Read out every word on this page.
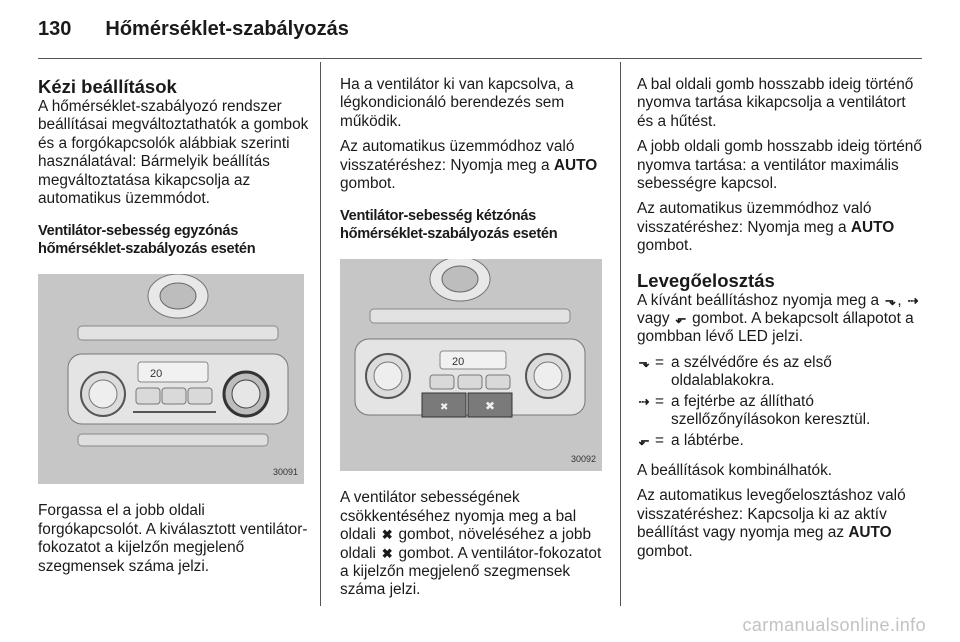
130 Hőmérséklet-szabályozás
Kézi beállítások

A hőmérséklet-szabályozó rendszer beállításai megváltoztathatók a gombok és a forgókapcsolók alábbiak szerinti használatával: Bármelyik beállítás megváltoztatása kikapcsolja az automatikus üzemmódot.

Ventilátor-sebesség egyzónás hőmérséklet-szabályozás esetén
20
30091

Forgassa el a jobb oldali forgókapcsolót. A kiválasztott ventilátor-fokozatot a kijelzőn megjelenő szegmensek száma jelzi.

Ha a ventilátor ki van kapcsolva, a légkondicionáló berendezés sem működik.

Az automatikus üzemmódhoz való visszatéréshez: Nyomja meg a AUTO gombot.

Ventilátor-sebesség kétzónás hőmérséklet-szabályozás esetén
20
✖	✖
30092

A ventilátor sebességének csökkentéséhez nyomja meg a bal oldali ✖ gombot, növeléséhez a jobb oldali ✖ gombot. A ventilátor-fokozatot a kijelzőn megjelenő szegmensek száma jelzi.

A bal oldali gomb hosszabb ideig történő nyomva tartása kikapcsolja a ventilátort és a hűtést.

A jobb oldali gomb hosszabb ideig történő nyomva tartása: a ventilátor maximális sebességre kapcsol.

Az automatikus üzemmódhoz való visszatéréshez: Nyomja meg a AUTO gombot.

Levegőelosztás

A kívánt beállításhoz nyomja meg a ⬎ , ⇢ vagy ⬐ gombot. A bekapcsolt állapotot a gombban lévő LED jelzi.

⬎ = a szélvédőre és az első oldalablakokra.
⇢ = a fejtérbe az állítható szellőzőnyílásokon keresztül.
⬐ = a lábtérbe.

A beállítások kombinálhatók.

Az automatikus levegőelosztáshoz való visszatéréshez: Kapcsolja ki az aktív beállítást vagy nyomja meg az AUTO gombot.

carmanualsonline.info
